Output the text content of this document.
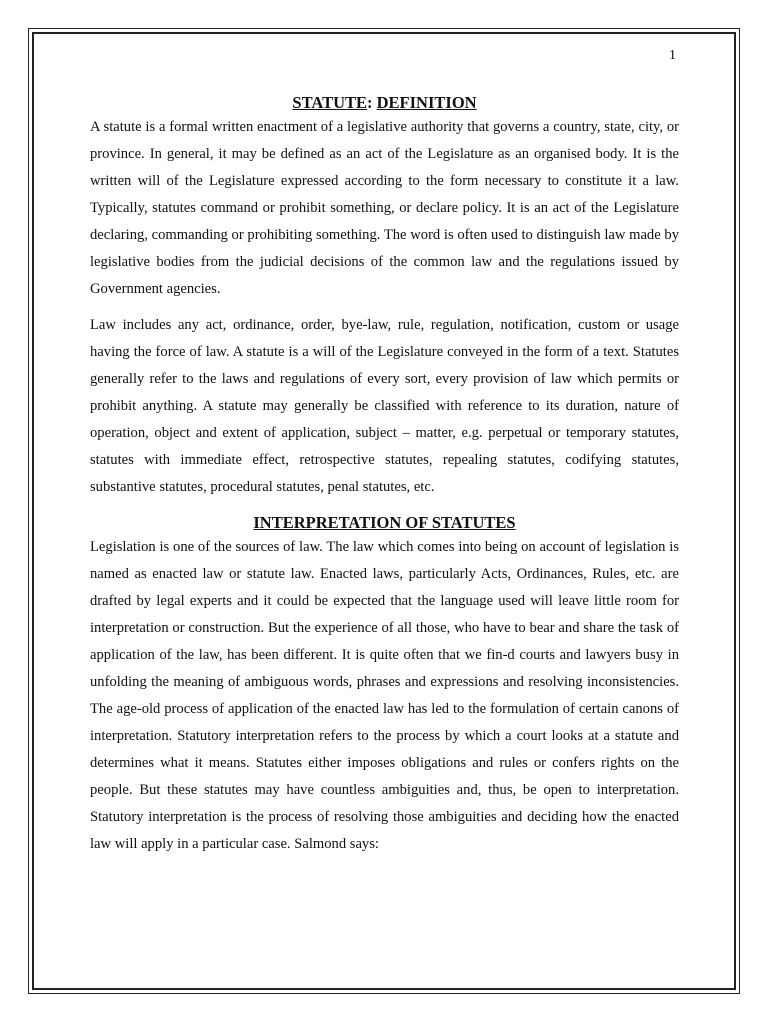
1
STATUTE: DEFINITION

A statute is a formal written enactment of a legislative authority that governs a country, state, city, or province. In general, it may be defined as an act of the Legislature as an organised body. It is the written will of the Legislature expressed according to the form necessary to constitute it a law. Typically, statutes command or prohibit something, or declare policy. It is an act of the Legislature declaring, commanding or prohibiting something. The word is often used to distinguish law made by legislative bodies from the judicial decisions of the common law and the regulations issued by Government agencies.

Law includes any act, ordinance, order, bye-law, rule, regulation, notification, custom or usage having the force of law. A statute is a will of the Legislature conveyed in the form of a text. Statutes generally refer to the laws and regulations of every sort, every provision of law which permits or prohibit anything. A statute may generally be classified with reference to its duration, nature of operation, object and extent of application, subject – matter, e.g. perpetual or temporary statutes, statutes with immediate effect, retrospective statutes, repealing statutes, codifying statutes, substantive statutes, procedural statutes, penal statutes, etc.

INTERPRETATION OF STATUTES

Legislation is one of the sources of law. The law which comes into being on account of legislation is named as enacted law or statute law. Enacted laws, particularly Acts, Ordinances, Rules, etc. are drafted by legal experts and it could be expected that the language used will leave little room for interpretation or construction. But the experience of all those, who have to bear and share the task of application of the law, has been different. It is quite often that we fin-d courts and lawyers busy in unfolding the meaning of ambiguous words, phrases and expressions and resolving inconsistencies. The age-old process of application of the enacted law has led to the formulation of certain canons of interpretation. Statutory interpretation refers to the process by which a court looks at a statute and determines what it means. Statutes either imposes obligations and rules or confers rights on the people. But these statutes may have countless ambiguities and, thus, be open to interpretation. Statutory interpretation is the process of resolving those ambiguities and deciding how the enacted law will apply in a particular case. Salmond says:
